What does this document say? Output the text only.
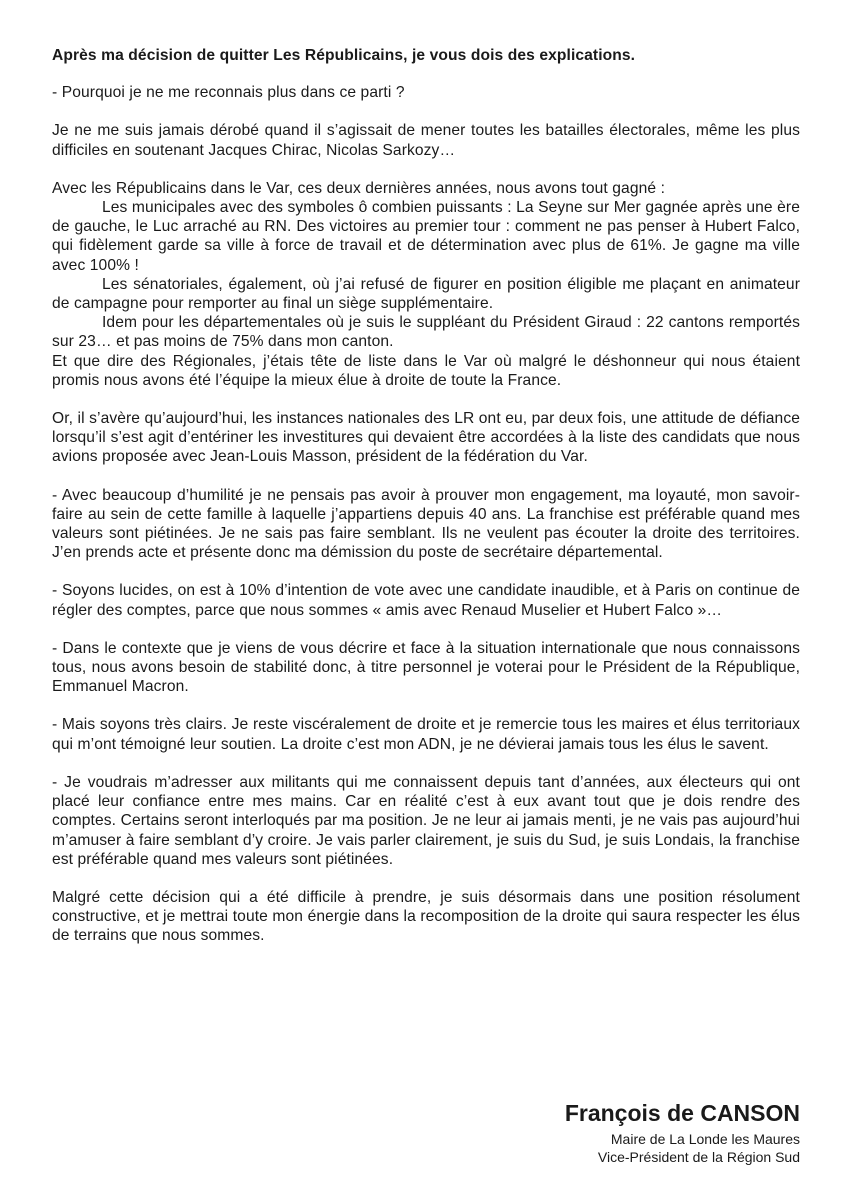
Après ma décision de quitter Les Républicains, je vous dois des explications.
- Pourquoi je ne me reconnais plus dans ce parti ?
Je ne me suis jamais dérobé quand il s’agissait de mener toutes les batailles électorales, même les plus difficiles en soutenant Jacques Chirac, Nicolas Sarkozy…
Avec les Républicains dans le Var, ces deux dernières années, nous avons tout gagné :
Les municipales avec des symboles ô combien puissants : La Seyne sur Mer gagnée après une ère de gauche, le Luc arraché au RN. Des victoires au premier tour : comment ne pas penser à Hubert Falco, qui fidèlement garde sa ville à force de travail et de détermination avec plus de 61%. Je gagne ma ville avec 100% !
Les sénatoriales, également, où j’ai refusé de figurer en position éligible me plaçant en animateur de campagne pour remporter au final un siège supplémentaire.
Idem pour les départementales où je suis le suppléant du Président Giraud : 22 cantons remportés sur 23… et pas moins de 75% dans mon canton.
Et que dire des Régionales, j’étais tête de liste dans le Var où malgré le déshonneur qui nous étaient promis nous avons été l’équipe la mieux élue à droite de toute la France.
Or, il s’avère qu’aujourd’hui, les instances nationales des LR ont eu, par deux fois, une attitude de défiance lorsqu’il s’est agit d’entériner les investitures qui devaient être accordées à la liste des candidats que nous avions proposée avec Jean-Louis Masson, président de la fédération du Var.
- Avec beaucoup d’humilité je ne pensais pas avoir à prouver mon engagement, ma loyauté, mon savoir-faire au sein de cette famille à laquelle j’appartiens depuis 40 ans. La franchise est préférable quand mes valeurs sont piétinées. Je ne sais pas faire semblant. Ils ne veulent pas écouter la droite des territoires. J’en prends acte et présente donc ma démission du poste de secrétaire départemental.
- Soyons lucides, on est à 10% d’intention de vote avec une candidate inaudible, et à Paris on continue de régler des comptes, parce que nous sommes « amis avec Renaud Muselier et Hubert Falco »…
- Dans le contexte que je viens de vous décrire et face à la situation internationale que nous connaissons tous, nous avons besoin de stabilité donc, à titre personnel je voterai pour le Président de la République, Emmanuel Macron.
- Mais soyons très clairs. Je reste viscéralement de droite et je remercie tous les maires et élus territoriaux qui m’ont témoigné leur soutien. La droite c’est mon ADN, je ne dévierai jamais tous les élus le savent.
- Je voudrais m’adresser aux militants qui me connaissent depuis tant d’années, aux électeurs qui ont placé leur confiance entre mes mains. Car en réalité c’est à eux avant tout que je dois rendre des comptes. Certains seront interloqués par ma position. Je ne leur ai jamais menti, je ne vais pas aujourd’hui m’amuser à faire semblant d’y croire. Je vais parler clairement, je suis du Sud, je suis Londais, la franchise est préférable quand mes valeurs sont piétinées.
Malgré cette décision qui a été difficile à prendre, je suis désormais dans une position résolument constructive, et je mettrai toute mon énergie dans la recomposition de la droite qui saura respecter les élus de terrains que nous sommes.
François de CANSON
Maire de La Londe les Maures
Vice-Président de la Région Sud
